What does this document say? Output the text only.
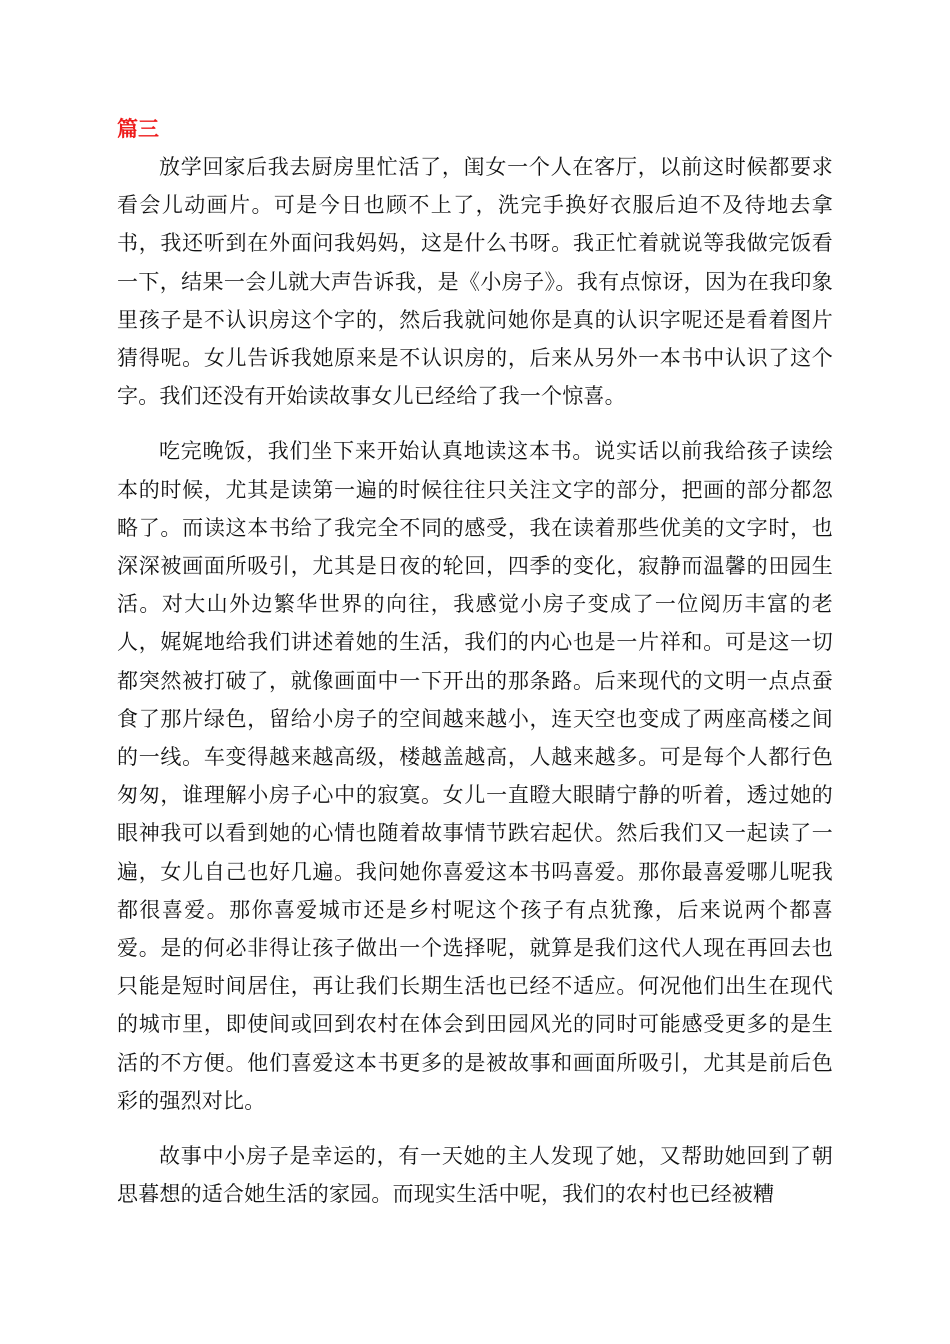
篇三

放学回家后我去厨房里忙活了，闺女一个人在客厅，以前这时候都要求看会儿动画片。可是今日也顾不上了，洗完手换好衣服后迫不及待地去拿书，我还听到在外面问我妈妈，这是什么书呀。我正忙着就说等我做完饭看一下，结果一会儿就大声告诉我，是《小房子》。我有点惊讶，因为在我印象里孩子是不认识房这个字的，然后我就问她你是真的认识字呢还是看着图片猜得呢。女儿告诉我她原来是不认识房的，后来从另外一本书中认识了这个字。我们还没有开始读故事女儿已经给了我一个惊喜。

吃完晚饭，我们坐下来开始认真地读这本书。说实话以前我给孩子读绘本的时候，尤其是读第一遍的时候往往只关注文字的部分，把画的部分都忽略了。而读这本书给了我完全不同的感受，我在读着那些优美的文字时，也深深被画面所吸引，尤其是日夜的轮回，四季的变化，寂静而温馨的田园生活。对大山外边繁华世界的向往，我感觉小房子变成了一位阅历丰富的老人，娓娓地给我们讲述着她的生活，我们的内心也是一片祥和。可是这一切都突然被打破了，就像画面中一下开出的那条路。后来现代的文明一点点蚕食了那片绿色，留给小房子的空间越来越小，连天空也变成了两座高楼之间的一线。车变得越来越高级，楼越盖越高，人越来越多。可是每个人都行色匆匆，谁理解小房子心中的寂寞。女儿一直瞪大眼睛宁静的听着，透过她的眼神我可以看到她的心情也随着故事情节跌宕起伏。然后我们又一起读了一遍，女儿自己也好几遍。我问她你喜爱这本书吗喜爱。那你最喜爱哪儿呢我都很喜爱。那你喜爱城市还是乡村呢这个孩子有点犹豫，后来说两个都喜爱。是的何必非得让孩子做出一个选择呢，就算是我们这代人现在再回去也只能是短时间居住，再让我们长期生活也已经不适应。何况他们出生在现代的城市里，即使间或回到农村在体会到田园风光的同时可能感受更多的是生活的不方便。他们喜爱这本书更多的是被故事和画面所吸引，尤其是前后色彩的强烈对比。

故事中小房子是幸运的，有一天她的主人发现了她，又帮助她回到了朝思暮想的适合她生活的家园。而现实生活中呢，我们的农村也已经被糟
